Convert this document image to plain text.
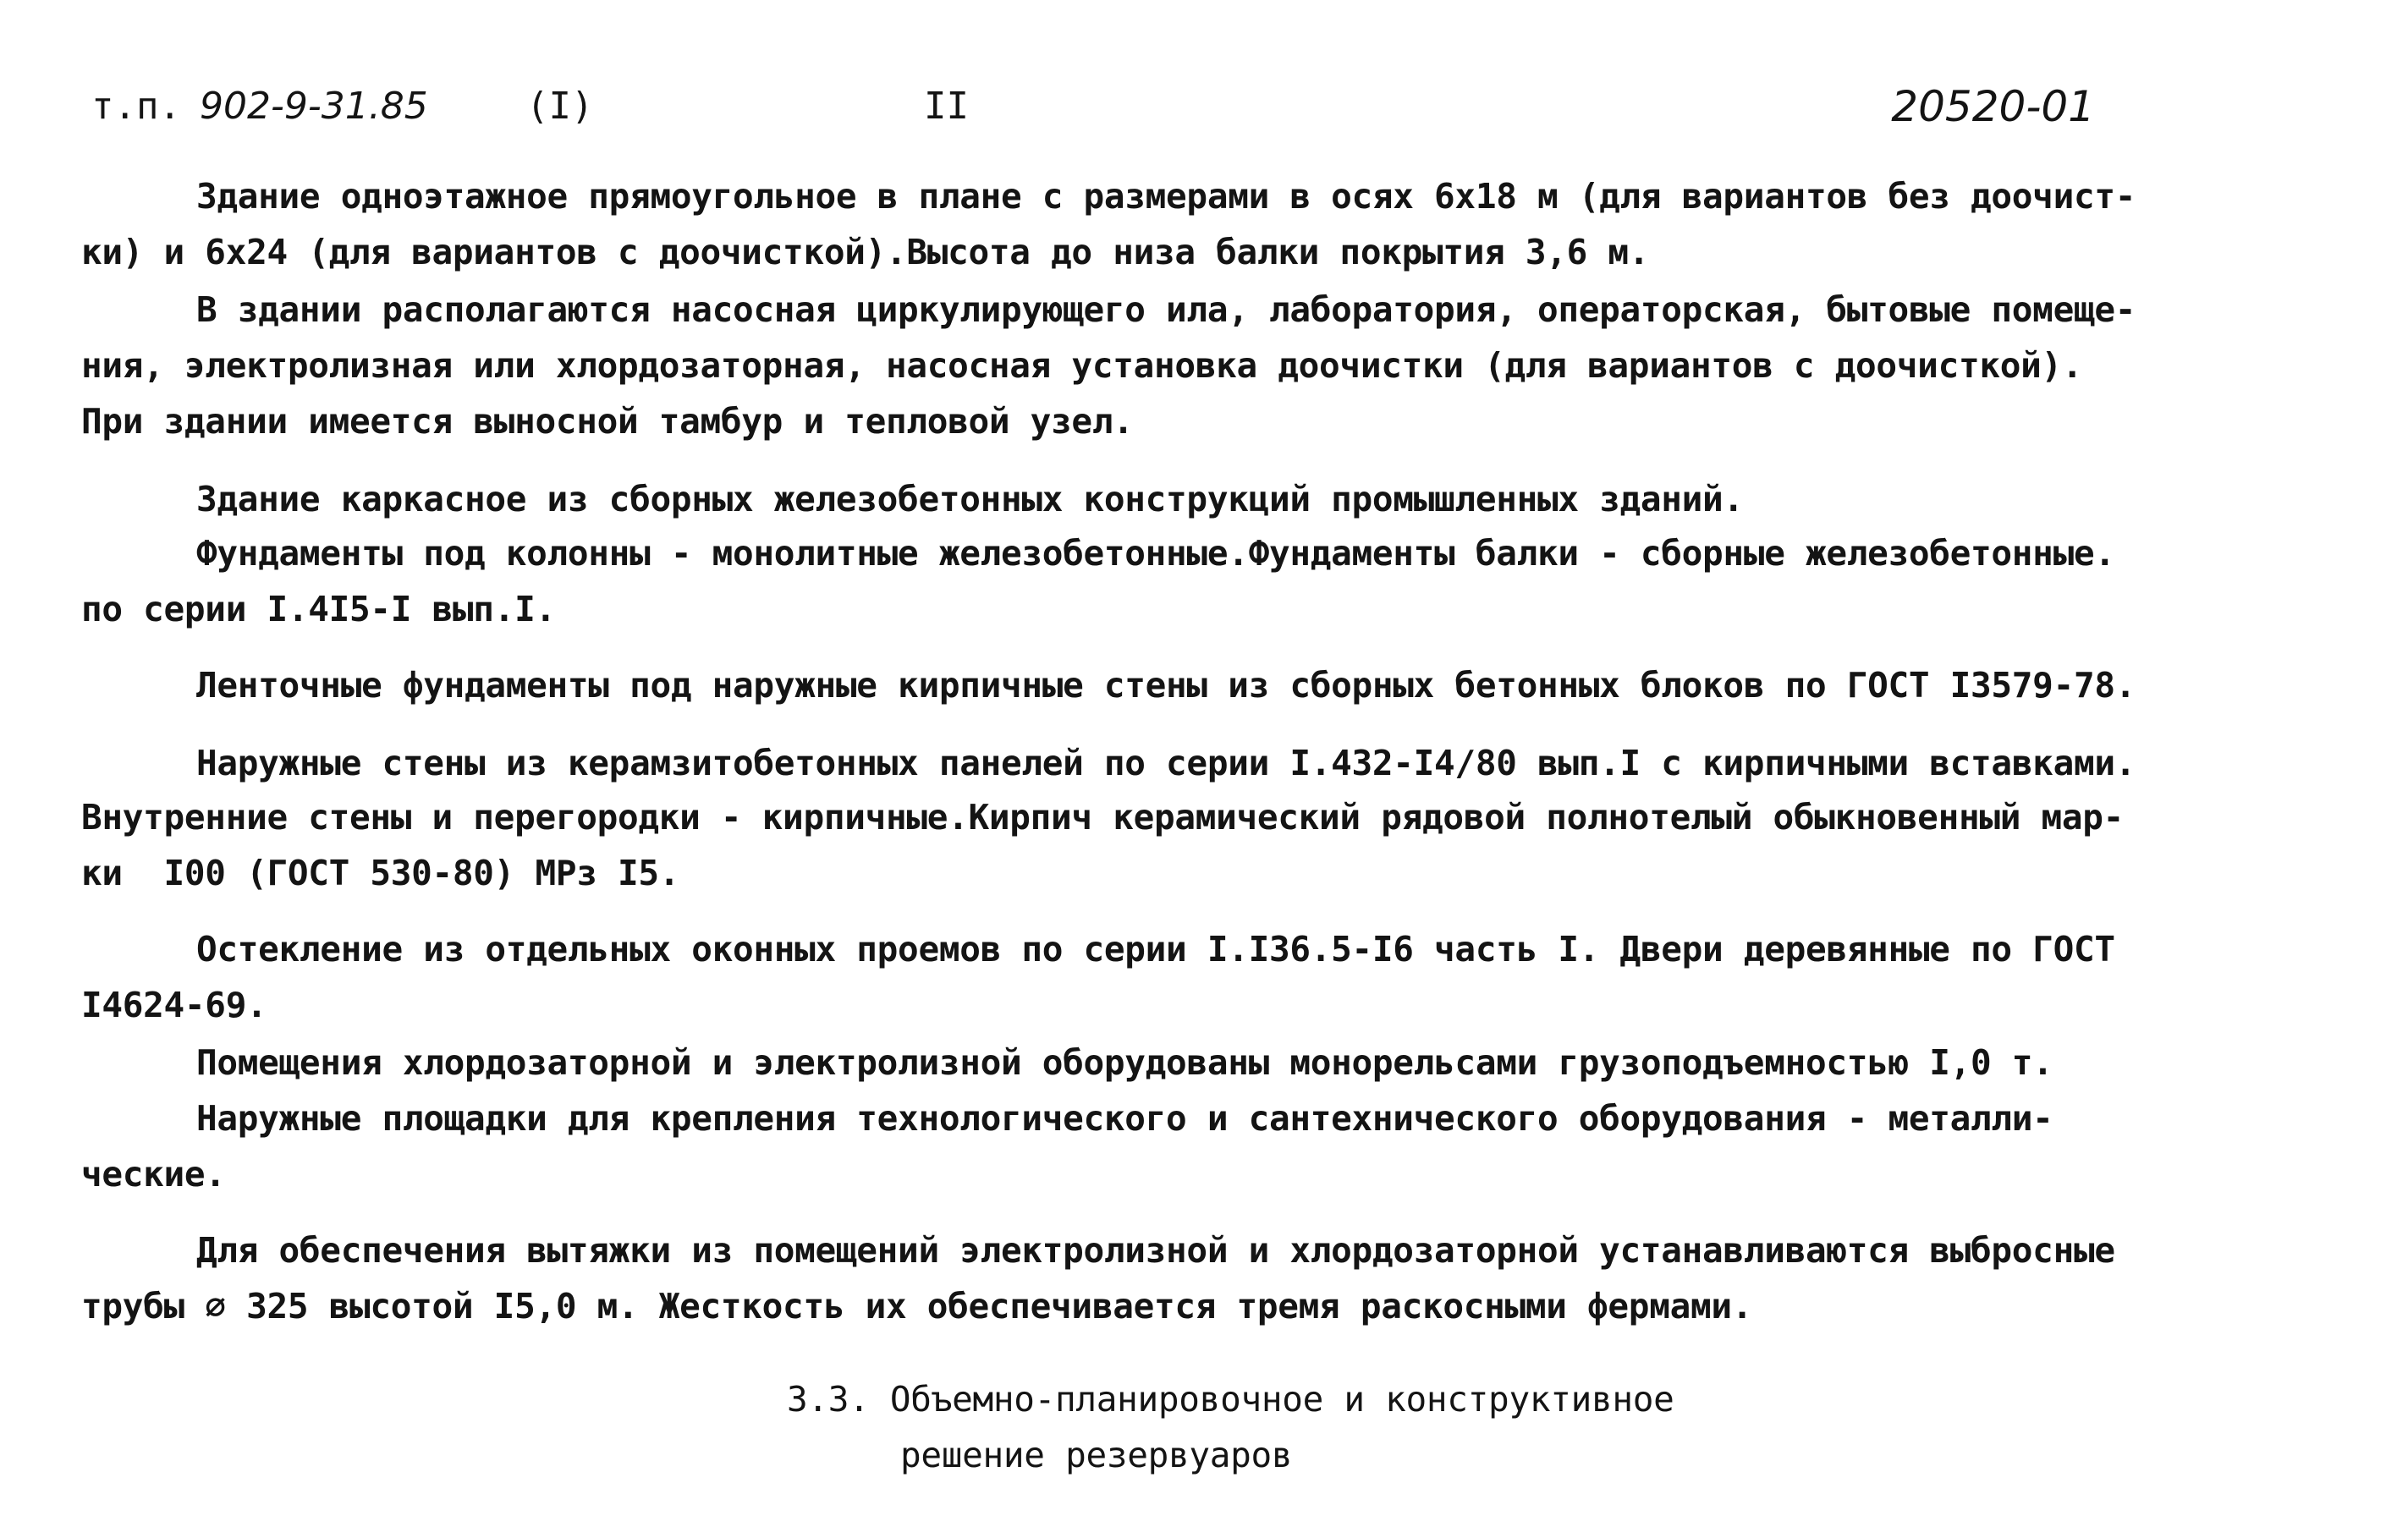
т.п. 902-9-31.85	(I)	II	20520-01
Здание одноэтажное прямоугольное в плане с размерами в осях 6х18 м (для вариантов без доочист-
ки) и 6х24 (для вариантов с доочисткой).Высота до низа балки покрытия 3,6 м.
В здании располагаются насосная циркулирующего ила, лаборатория, операторская, бытовые помеще-
ния, электролизная или хлордозаторная, насосная установка доочистки (для вариантов с доочисткой).
При здании имеется выносной тамбур и тепловой узел.
Здание каркасное из сборных железобетонных конструкций промышленных зданий.
Фундаменты под колонны - монолитные железобетонные.Фундаменты балки - сборные железобетонные.
по серии I.4I5-I вып.I.
Ленточные фундаменты под наружные кирпичные стены из сборных бетонных блоков по ГОСТ I3579-78.
Наружные стены из керамзитобетонных панелей по серии I.432-I4/80 вып.I с кирпичными вставками.
Внутренние стены и перегородки - кирпичные.Кирпич керамический рядовой полнотелый обыкновенный мар-
ки  I00 (ГОСТ 530-80) МРз I5.
Остекление из отдельных оконных проемов по серии I.I36.5-I6 часть I. Двери деревянные по ГОСТ
I4624-69.
Помещения хлордозаторной и электролизной оборудованы монорельсами грузоподъемностью I,0 т.
Наружные площадки для крепления технологического и сантехнического оборудования - металли-
ческие.
Для обеспечения вытяжки из помещений электролизной и хлордозаторной устанавливаются выбросные
трубы ∅ 325 высотой I5,0 м. Жесткость их обеспечивается тремя раскосными фермами.
3.3. Объемно-планировочное и конструктивное
решение резервуаров
